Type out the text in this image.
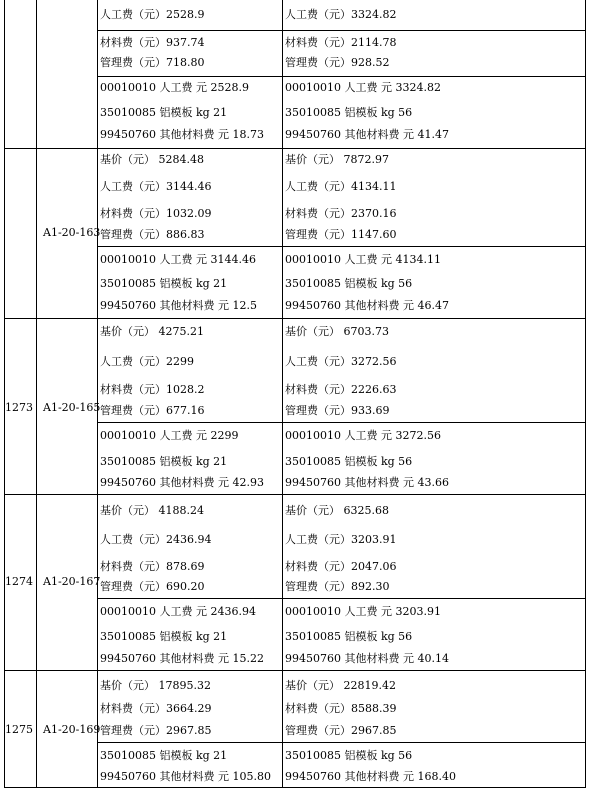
人工费（元）2528.9
材料费（元）937.74
管理费（元）718.80
人工费（元）3324.82
材料费（元）2114.78
管理费（元）928.52
00010010 人工费 元 2528.9
35010085 铝模板 kg 21
99450760 其他材料费 元 18.73
00010010 人工费 元 3324.82
35010085 铝模板 kg 56
99450760 其他材料费 元 41.47
A1-20-163
基价（元） 5284.48
人工费（元）3144.46
材料费（元）1032.09
管理费（元）886.83
基价（元） 7872.97
人工费（元）4134.11
材料费（元）2370.16
管理费（元）1147.60
00010010 人工费 元 3144.46
35010085 铝模板 kg 21
99450760 其他材料费 元 12.5
00010010 人工费 元 4134.11
35010085 铝模板 kg 56
99450760 其他材料费 元 46.47
1273 A1-20-165
基价（元） 4275.21
人工费（元）2299
材料费（元）1028.2
管理费（元）677.16
基价（元） 6703.73
人工费（元）3272.56
材料费（元）2226.63
管理费（元）933.69
00010010 人工费 元 2299
35010085 铝模板 kg 21
99450760 其他材料费 元 42.93
00010010 人工费 元 3272.56
35010085 铝模板 kg 56
99450760 其他材料费 元 43.66
1274 A1-20-167
基价（元） 4188.24
人工费（元）2436.94
材料费（元）878.69
管理费（元）690.20
基价（元） 6325.68
人工费（元）3203.91
材料费（元）2047.06
管理费（元）892.30
00010010 人工费 元 2436.94
35010085 铝模板 kg 21
99450760 其他材料费 元 15.22
00010010 人工费 元 3203.91
35010085 铝模板 kg 56
99450760 其他材料费 元 40.14
1275 A1-20-169
基价（元） 17895.32
材料费（元）3664.29
管理费（元）2967.85
基价（元） 22819.42
材料费（元）8588.39
管理费（元）2967.85
35010085 铝模板 kg 21
99450760 其他材料费 元 105.80
35010085 铝模板 kg 56
99450760 其他材料费 元 168.40
